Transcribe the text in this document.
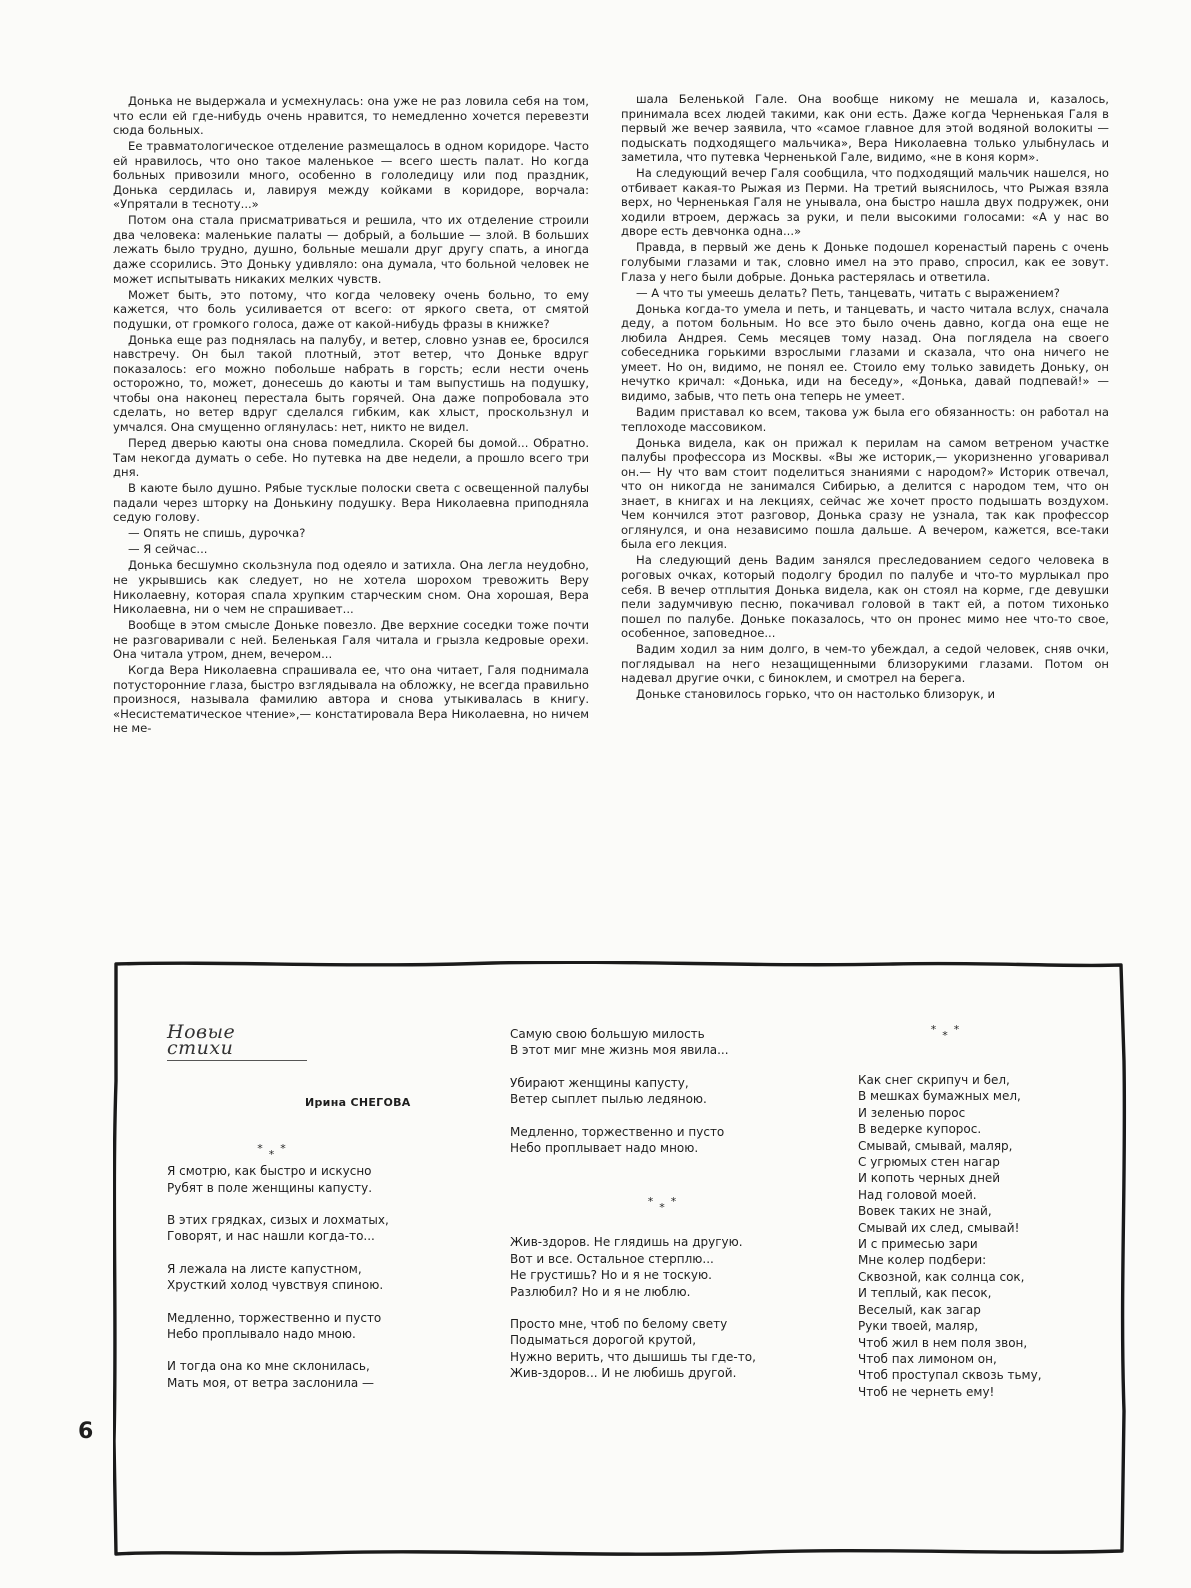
Донька не выдержала и усмехнулась: она уже не раз ловила себя на том, что если ей где-нибудь очень нравится, то немедленно хочется перевезти сюда больных.

Ее травматологическое отделение размещалось в одном коридоре. Часто ей нравилось, что оно такое маленькое — всего шесть палат. Но когда больных привозили много, особенно в гололедицу или под праздник, Донька сердилась и, лавируя между койками в коридоре, ворчала: «Упрятали в тесноту...»

Потом она стала присматриваться и решила, что их отделение строили два человека: маленькие палаты — добрый, а большие — злой. В больших лежать было трудно, душно, больные мешали друг другу спать, а иногда даже ссорились. Это Доньку удивляло: она думала, что больной человек не может испытывать никаких мелких чувств.

Может быть, это потому, что когда человеку очень больно, то ему кажется, что боль усиливается от всего: от яркого света, от смятой подушки, от громкого голоса, даже от какой-нибудь фразы в книжке?

Донька еще раз поднялась на палубу, и ветер, словно узнав ее, бросился навстречу. Он был такой плотный, этот ветер, что Доньке вдруг показалось: его можно побольше набрать в горсть; если нести очень осторожно, то, может, донесешь до каюты и там выпустишь на подушку, чтобы она наконец перестала быть горячей. Она даже попробовала это сделать, но ветер вдруг сделался гибким, как хлыст, проскользнул и умчался. Она смущенно оглянулась: нет, никто не видел.

Перед дверью каюты она снова помедлила. Скорей бы домой... Обратно. Там некогда думать о себе. Но путевка на две недели, а прошло всего три дня.

В каюте было душно. Рябые тусклые полоски света с освещенной палубы падали через шторку на Донькину подушку. Вера Николаевна приподняла седую голову.

— Опять не спишь, дурочка?

— Я сейчас...

Донька бесшумно скользнула под одеяло и затихла. Она легла неудобно, не укрывшись как следует, но не хотела шорохом тревожить Веру Николаевну, которая спала хрупким старческим сном. Она хорошая, Вера Николаевна, ни о чем не спрашивает...

Вообще в этом смысле Доньке повезло. Две верхние соседки тоже почти не разговаривали с ней. Беленькая Галя читала и грызла кедровые орехи. Она читала утром, днем, вечером...

Когда Вера Николаевна спрашивала ее, что она читает, Галя поднимала потусторонние глаза, быстро взглядывала на обложку, не всегда правильно произнося, называла фамилию автора и снова утыкивалась в книгу. «Несистематическое чтение»,— констатировала Вера Николаевна, но ничем не ме-

шала Беленькой Гале. Она вообще никому не мешала и, казалось, принимала всех людей такими, как они есть. Даже когда Черненькая Галя в первый же вечер заявила, что «самое главное для этой водяной волокиты — подыскать подходящего мальчика», Вера Николаевна только улыбнулась и заметила, что путевка Черненькой Гале, видимо, «не в коня корм».

На следующий вечер Галя сообщила, что подходящий мальчик нашелся, но отбивает какая-то Рыжая из Перми. На третий выяснилось, что Рыжая взяла верх, но Черненькая Галя не унывала, она быстро нашла двух подружек, они ходили втроем, держась за руки, и пели высокими голосами: «А у нас во дворе есть девчонка одна...»

Правда, в первый же день к Доньке подошел коренастый парень с очень голубыми глазами и так, словно имел на это право, спросил, как ее зовут. Глаза у него были добрые. Донька растерялась и ответила.

— А что ты умеешь делать? Петь, танцевать, читать с выражением?

Донька когда-то умела и петь, и танцевать, и часто читала вслух, сначала деду, а потом больным. Но все это было очень давно, когда она еще не любила Андрея. Семь месяцев тому назад. Она поглядела на своего собеседника горькими взрослыми глазами и сказала, что она ничего не умеет. Но он, видимо, не понял ее. Стоило ему только завидеть Доньку, он нечутко кричал: «Донька, иди на беседу», «Донька, давай подпевай!» — видимо, забыв, что петь она теперь не умеет.

Вадим приставал ко всем, такова уж была его обязанность: он работал на теплоходе массовиком.

Донька видела, как он прижал к перилам на самом ветреном участке палубы профессора из Москвы. «Вы же историк,— укоризненно уговаривал он.— Ну что вам стоит поделиться знаниями с народом?» Историк отвечал, что он никогда не занимался Сибирью, а делится с народом тем, что он знает, в книгах и на лекциях, сейчас же хочет просто подышать воздухом. Чем кончился этот разговор, Донька сразу не узнала, так как профессор оглянулся, и она независимо пошла дальше. А вечером, кажется, все-таки была его лекция.

На следующий день Вадим занялся преследованием седого человека в роговых очках, который подолгу бродил по палубе и что-то мурлыкал про себя. В вечер отплытия Донька видела, как он стоял на корме, где девушки пели задумчивую песню, покачивал головой в такт ей, а потом тихонько пошел по палубе. Доньке показалось, что он пронес мимо нее что-то свое, особенное, заповедное...

Вадим ходил за ним долго, в чем-то убеждал, а седой человек, сняв очки, поглядывал на него незащищенными близорукими глазами. Потом он надевал другие очки, с биноклем, и смотрел на берега.

Доньке становилось горько, что он настолько близорук, и

Новые стихи
Ирина СНЕГОВА
***
Я смотрю, как быстро и искусно
Рубят в поле женщины капусту.
В этих грядках, сизых и лохматых,
Говорят, и нас нашли когда-то...
Я лежала на листе капустном,
Хрусткий холод чувствуя спиною.
Медленно, торжественно и пусто
Небо проплывало надо мною.
И тогда она ко мне склонилась,
Мать моя, от ветра заслонила —
Самую свою большую милость
В этот миг мне жизнь моя явила...
Убирают женщины капусту,
Ветер сыплет пылью ледяною.
Медленно, торжественно и пусто
Небо проплывает надо мною.
***
Жив-здоров. Не глядишь на другую.
Вот и все. Остальное стерплю...
Не грустишь? Но и я не тоскую.
Разлюбил? Но и я не люблю.
Просто мне, чтоб по белому свету
Подыматься дорогой крутой,
Нужно верить, что дышишь ты где-то,
Жив-здоров... И не любишь другой.
***
Как снег скрипуч и бел,
В мешках бумажных мел,
И зеленью порос
В ведерке купорос.
Смывай, смывай, маляр,
С угрюмых стен нагар
И копоть черных дней
Над головой моей.
Вовек таких не знай,
Смывай их след, смывай!
И с примесью зари
Мне колер подбери:
Сквозной, как солнца сок,
И теплый, как песок,
Веселый, как загар
Руки твоей, маляр,
Чтоб жил в нем поля звон,
Чтоб пах лимоном он,
Чтоб проступал сквозь тьму,
Чтоб не чернеть ему!
6
